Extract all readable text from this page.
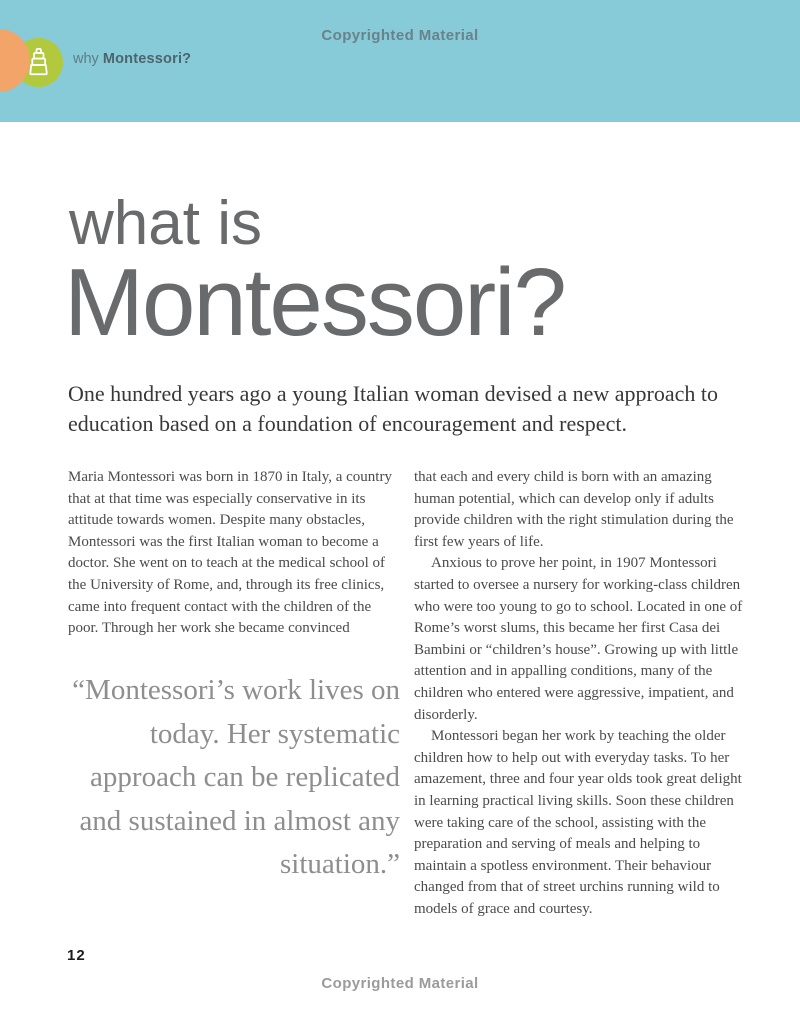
Copyrighted Material
why Montessori?
what is
Montessori?
One hundred years ago a young Italian woman devised a new approach to education based on a foundation of encouragement and respect.

Maria Montessori was born in 1870 in Italy, a country that at that time was especially conservative in its attitude towards women. Despite many obstacles, Montessori was the first Italian woman to become a doctor. She went on to teach at the medical school of the University of Rome, and, through its free clinics, came into frequent contact with the children of the poor. Through her work she became convinced

“Montessori’s work lives on today. Her systematic approach can be replicated and sustained in almost any situation.”

that each and every child is born with an amazing human potential, which can develop only if adults provide children with the right stimulation during the first few years of life.

Anxious to prove her point, in 1907 Montessori started to oversee a nursery for working-class children who were too young to go to school. Located in one of Rome’s worst slums, this became her first Casa dei Bambini or “children’s house”. Growing up with little attention and in appalling conditions, many of the children who entered were aggressive, impatient, and disorderly.

Montessori began her work by teaching the older children how to help out with everyday tasks. To her amazement, three and four year olds took great delight in learning practical living skills. Soon these children were taking care of the school, assisting with the preparation and serving of meals and helping to maintain a spotless environment. Their behaviour changed from that of street urchins running wild to models of grace and courtesy.

12
Copyrighted Material
